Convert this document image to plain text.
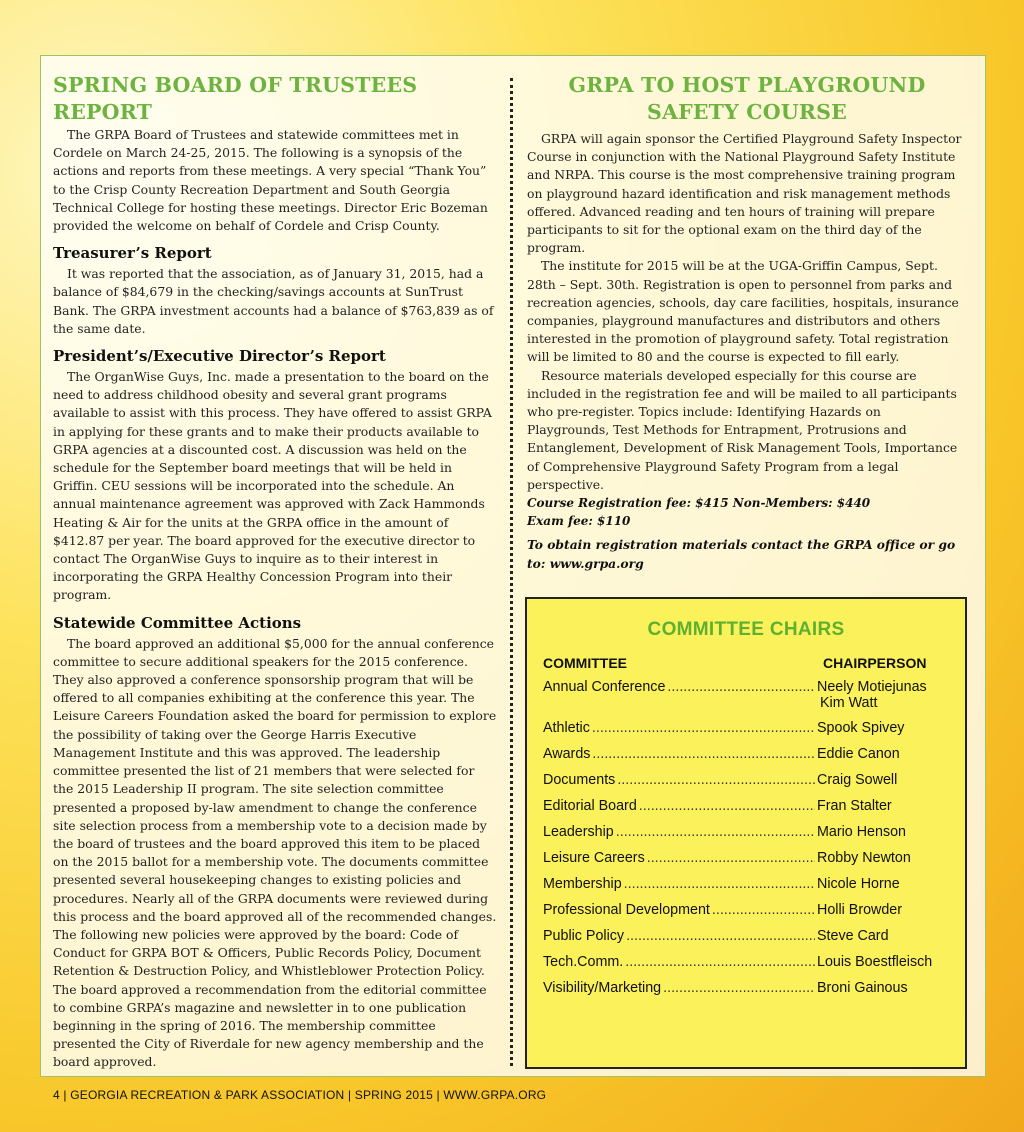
SPRING BOARD OF TRUSTEES REPORT

The GRPA Board of Trustees and statewide committees met in Cordele on March 24-25, 2015. The following is a synopsis of the actions and reports from these meetings. A very special “Thank You” to the Crisp County Recreation Department and South Georgia Technical College for hosting these meetings. Director Eric Bozeman provided the welcome on behalf of Cordele and Crisp County.

Treasurer’s Report

It was reported that the association, as of January 31, 2015, had a balance of $84,679 in the checking/savings accounts at SunTrust Bank. The GRPA investment accounts had a balance of $763,839 as of the same date.

President’s/Executive Director’s Report

The OrganWise Guys, Inc. made a presentation to the board on the need to address childhood obesity and several grant programs available to assist with this process. They have offered to assist GRPA in applying for these grants and to make their products available to GRPA agencies at a discounted cost. A discussion was held on the schedule for the September board meetings that will be held in Griffin. CEU sessions will be incorporated into the schedule. An annual maintenance agreement was approved with Zack Hammonds Heating & Air for the units at the GRPA office in the amount of $412.87 per year. The board approved for the executive director to contact The OrganWise Guys to inquire as to their interest in incorporating the GRPA Healthy Concession Program into their program.

Statewide Committee Actions

The board approved an additional $5,000 for the annual conference committee to secure additional speakers for the 2015 conference. They also approved a conference sponsorship program that will be offered to all companies exhibiting at the conference this year. The Leisure Careers Foundation asked the board for permission to explore the possibility of taking over the George Harris Executive Management Institute and this was approved. The leadership committee presented the list of 21 members that were selected for the 2015 Leadership II program. The site selection committee presented a proposed by-law amendment to change the conference site selection process from a membership vote to a decision made by the board of trustees and the board approved this item to be placed on the 2015 ballot for a membership vote. The documents committee presented several housekeeping changes to existing policies and procedures. Nearly all of the GRPA documents were reviewed during this process and the board approved all of the recommended changes. The following new policies were approved by the board: Code of Conduct for GRPA BOT & Officers, Public Records Policy, Document Retention & Destruction Policy, and Whistleblower Protection Policy. The board approved a recommendation from the editorial committee to combine GRPA’s magazine and newsletter in to one publication beginning in the spring of 2016. The membership committee presented the City of Riverdale for new agency membership and the board approved.

GRPA TO HOST PLAYGROUND SAFETY COURSE

GRPA will again sponsor the Certified Playground Safety Inspector Course in conjunction with the National Playground Safety Institute and NRPA. This course is the most comprehensive training program on playground hazard identification and risk management methods offered. Advanced reading and ten hours of training will prepare participants to sit for the optional exam on the third day of the program.

The institute for 2015 will be at the UGA-Griffin Campus, Sept. 28th – Sept. 30th. Registration is open to personnel from parks and recreation agencies, schools, day care facilities, hospitals, insurance companies, playground manufactures and distributors and others interested in the promotion of playground safety. Total registration will be limited to 80 and the course is expected to fill early.

Resource materials developed especially for this course are included in the registration fee and will be mailed to all participants who pre-register. Topics include: Identifying Hazards on Playgrounds, Test Methods for Entrapment, Protrusions and Entanglement, Development of Risk Management Tools, Importance of Comprehensive Playground Safety Program from a legal perspective.

Course Registration fee: $415 Non-Members: $440
Exam fee: $110
To obtain registration materials contact the GRPA office or go to: www.grpa.org
COMMITTEE CHAIRS
COMMITTEE	CHAIRPERSON
Annual Conference .....	Neely Motiejunas
Kim Watt
Athletic .....	Spook Spivey
Awards .....	Eddie Canon
Documents .....	Craig Sowell
Editorial Board .....	Fran Stalter
Leadership .....	Mario Henson
Leisure Careers .....	Robby Newton
Membership .....	Nicole Horne
Professional Development .....	Holli Browder
Public Policy .....	Steve Card
Tech.Comm. .....	Louis Boestfleisch
Visibility/Marketing .....	Broni Gainous
4 | GEORGIA RECREATION & PARK ASSOCIATION | SPRING 2015 | WWW.GRPA.ORG
